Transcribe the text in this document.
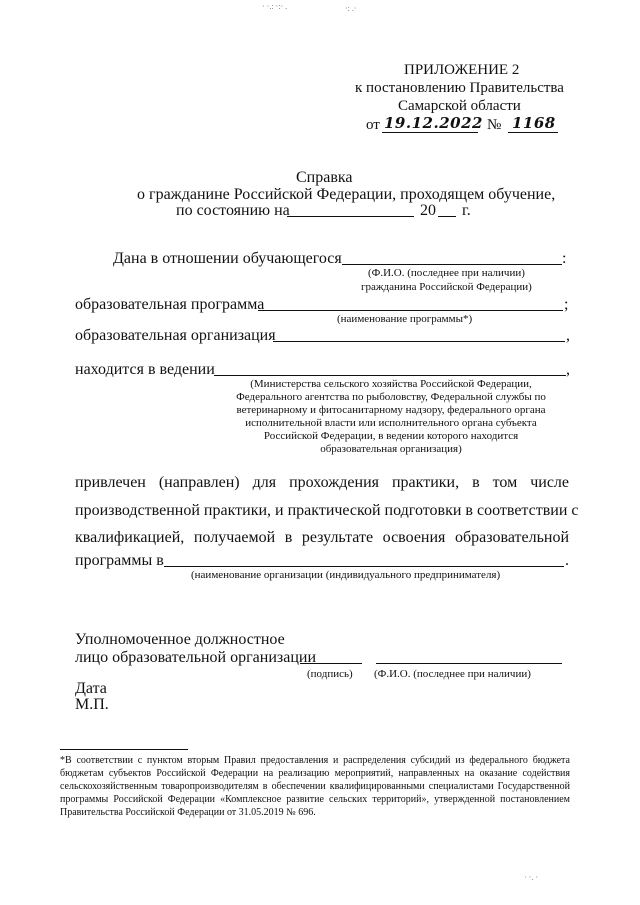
· ·.: ·:· .	·: .·
· ·. ·
ПРИЛОЖЕНИЕ 2
к постановлению Правительства
Самарской области
от 19.12.2022 № 1168
Справка
о гражданине Российской Федерации, проходящем обучение,
по состоянию на	20 г.
Дана в отношении обучающегося	:
(Ф.И.О. (последнее при наличии)
гражданина Российской Федерации)
образовательная программа	;
(наименование программы*)
образовательная организация	,
находится в ведении	,
(Министерства сельского хозяйства Российской Федерации,
Федерального агентства по рыболовству, Федеральной службы по
ветеринарному и фитосанитарному надзору, федерального органа
исполнительной власти или исполнительного органа субъекта
Российской Федерации, в ведении которого находится
образовательная организация)
привлечен (направлен) для прохождения практики, в том числе
производственной практики, и практической подготовки в соответствии с
квалификацией, получаемой в результате освоения образовательной
программы в	.
(наименование организации (индивидуального предпринимателя)
Уполномоченное должностное
лицо образовательной организации
(подпись) (Ф.И.О. (последнее при наличии)
Дата
М.П.
*В соответствии с пунктом вторым Правил предоставления и распределения субсидий из федерального бюджета бюджетам субъектов Российской Федерации на реализацию мероприятий, направленных на оказание содействия сельскохозяйственным товаропроизводителям в обеспечении квалифицированными специалистами Государственной программы Российской Федерации «Комплексное развитие сельских территорий», утвержденной постановлением Правительства Российской Федерации от 31.05.2019 № 696.
